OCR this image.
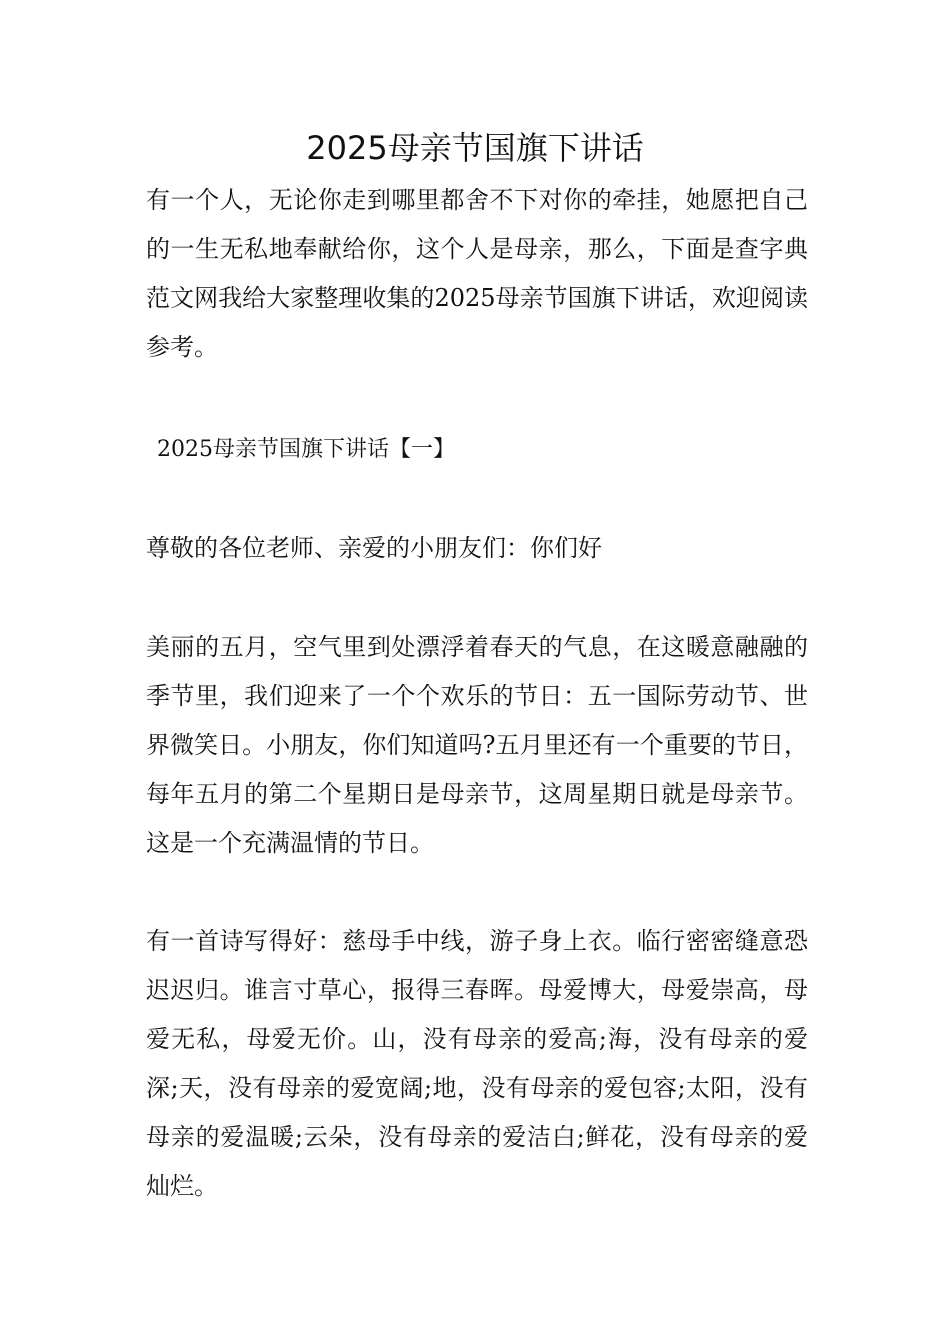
2025母亲节国旗下讲话

有一个人，无论你走到哪里都舍不下对你的牵挂，她愿把自己的一生无私地奉献给你，这个人是母亲，那么，下面是查字典范文网我给大家整理收集的2025母亲节国旗下讲话，欢迎阅读参考。

2025母亲节国旗下讲话【一】

尊敬的各位老师、亲爱的小朋友们：你们好

美丽的五月，空气里到处漂浮着春天的气息，在这暖意融融的季节里，我们迎来了一个个欢乐的节日：五一国际劳动节、世界微笑日。小朋友，你们知道吗?五月里还有一个重要的节日，每年五月的第二个星期日是母亲节，这周星期日就是母亲节。这是一个充满温情的节日。

有一首诗写得好：慈母手中线，游子身上衣。临行密密缝意恐迟迟归。谁言寸草心，报得三春晖。母爱博大，母爱崇高，母爱无私，母爱无价。山，没有母亲的爱高;海，没有母亲的爱深;天，没有母亲的爱宽阔;地，没有母亲的爱包容;太阳，没有母亲的爱温暖;云朵，没有母亲的爱洁白;鲜花，没有母亲的爱灿烂。
